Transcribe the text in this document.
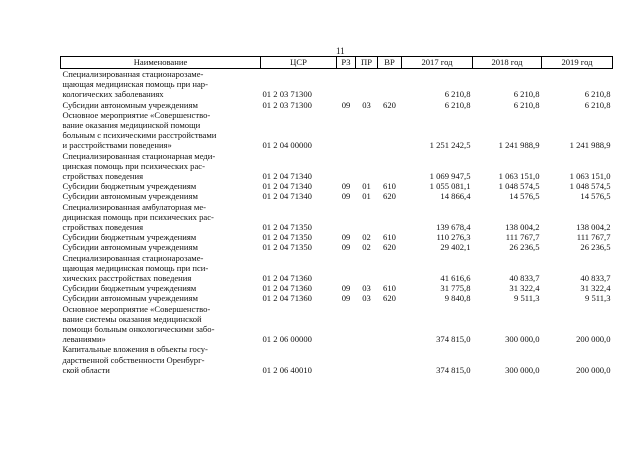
11
Наименование	ЦСР	РЗ	ПР	ВР	2017 год	2018 год	2019 год

Специализированная стационарозаме-
щающая медицинская помощь при нар-
кологических заболеваниях	01 2 03 71300				6 210,8	6 210,8	6 210,8

Субсидии автономным учреждениям	01 2 03 71300	09	03	620	6 210,8	6 210,8	6 210,8

Основное мероприятие «Совершенство-
вание оказания медицинской помощи
больным с психическими расстройствами
и расстройствами поведения»	01 2 04 00000				1 251 242,5	1 241 988,9	1 241 988,9

Специализированная стационарная меди-
цинская помощь при психических рас-
стройствах поведения	01 2 04 71340				1 069 947,5	1 063 151,0	1 063 151,0

Субсидии бюджетным учреждениям	01 2 04 71340	09	01	610	1 055 081,1	1 048 574,5	1 048 574,5

Субсидии автономным учреждениям	01 2 04 71340	09	01	620	14 866,4	14 576,5	14 576,5

Специализированная амбулаторная ме-
дицинская помощь при психических рас-
стройствах поведения	01 2 04 71350				139 678,4	138 004,2	138 004,2

Субсидии бюджетным учреждениям	01 2 04 71350	09	02	610	110 276,3	111 767,7	111 767,7

Субсидии автономным учреждениям	01 2 04 71350	09	02	620	29 402,1	26 236,5	26 236,5

Специализированная стационарозаме-
щающая медицинская помощь при пси-
хических расстройствах поведения	01 2 04 71360				41 616,6	40 833,7	40 833,7

Субсидии бюджетным учреждениям	01 2 04 71360	09	03	610	31 775,8	31 322,4	31 322,4

Субсидии автономным учреждениям	01 2 04 71360	09	03	620	9 840,8	9 511,3	9 511,3

Основное мероприятие «Совершенство-
вание системы оказания медицинской
помощи больным онкологическими забо-
леваниями»	01 2 06 00000				374 815,0	300 000,0	200 000,0

Капитальные вложения в объекты госу-
дарственной собственности Оренбург-
ской области	01 2 06 40010				374 815,0	300 000,0	200 000,0
